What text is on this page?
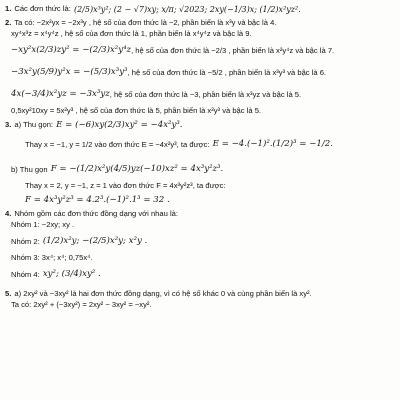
1. Các đơn thức là:
(2/5)x³y²; (2 − √7)xy; x/π; √2023; 2xy(−1/3)x; (1/2)x²yz².
2. Ta có: −2x²yx = −2x³y , hệ số của đơn thức là −2, phần biến là x³y và bậc là 4.
xy⁴x³z = x⁴y⁴z , hệ số của đơn thức là 1, phần biến là x⁴y⁴z và bậc là 9.
−xy²x(2/3)zy² = −(2/3)x²y⁴z , hệ số của đơn thức là −2/3 , phần biến là x²y⁴z và bậc là 7.
−3x²y(5/9)y²x = −(5/3)x³y³ , hệ số của đơn thức là −5/2 , phần biến là x³y³ và bậc là 6.
4x(−3/4)x²yz = −3x³yz , hệ số của đơn thức là −3, phần biến là x³yz và bậc là 5.
0,5xy²10xy = 5x²y³ , hệ số của đơn thức là 5, phần biến là x²y³ và bậc là 5.
3. a) Thu gọn:
E = (−6)xy(2/3)xy² = −4x²y³.
Thay x = −1, y = 1/2 vào đơn thức E = −4x²y³, ta được:
E = −4.(−1)².(1/2)³ = −1/2.
b) Thu gọn
F = −(1/2)x²y(4/5)yz(−10)xz² = 4x³y²z³.
Thay x = 2, y = −1, z = 1 vào đơn thức F = 4x³y²z³, ta được:
F = 4x³y²z³ = 4.2³.(−1)².1³ = 32 .
4. Nhóm gồm các đơn thức đồng dạng với nhau là:
Nhóm 1: −2xy; xy .
Nhóm 2:
(1/2)x²y; −(2/5)x²y; x²y .
Nhóm 3: 3x⁴; x⁴; 0,75x⁴.
Nhóm 4:
xy²; (3/4)xy² .
5. a) 2xy² và −3xy² là hai đơn thức đồng dạng, vì có hệ số khác 0 và cùng phần biến là xy².
Ta có: 2xy² + (−3xy²) = 2xy² − 3xy² = −xy².
